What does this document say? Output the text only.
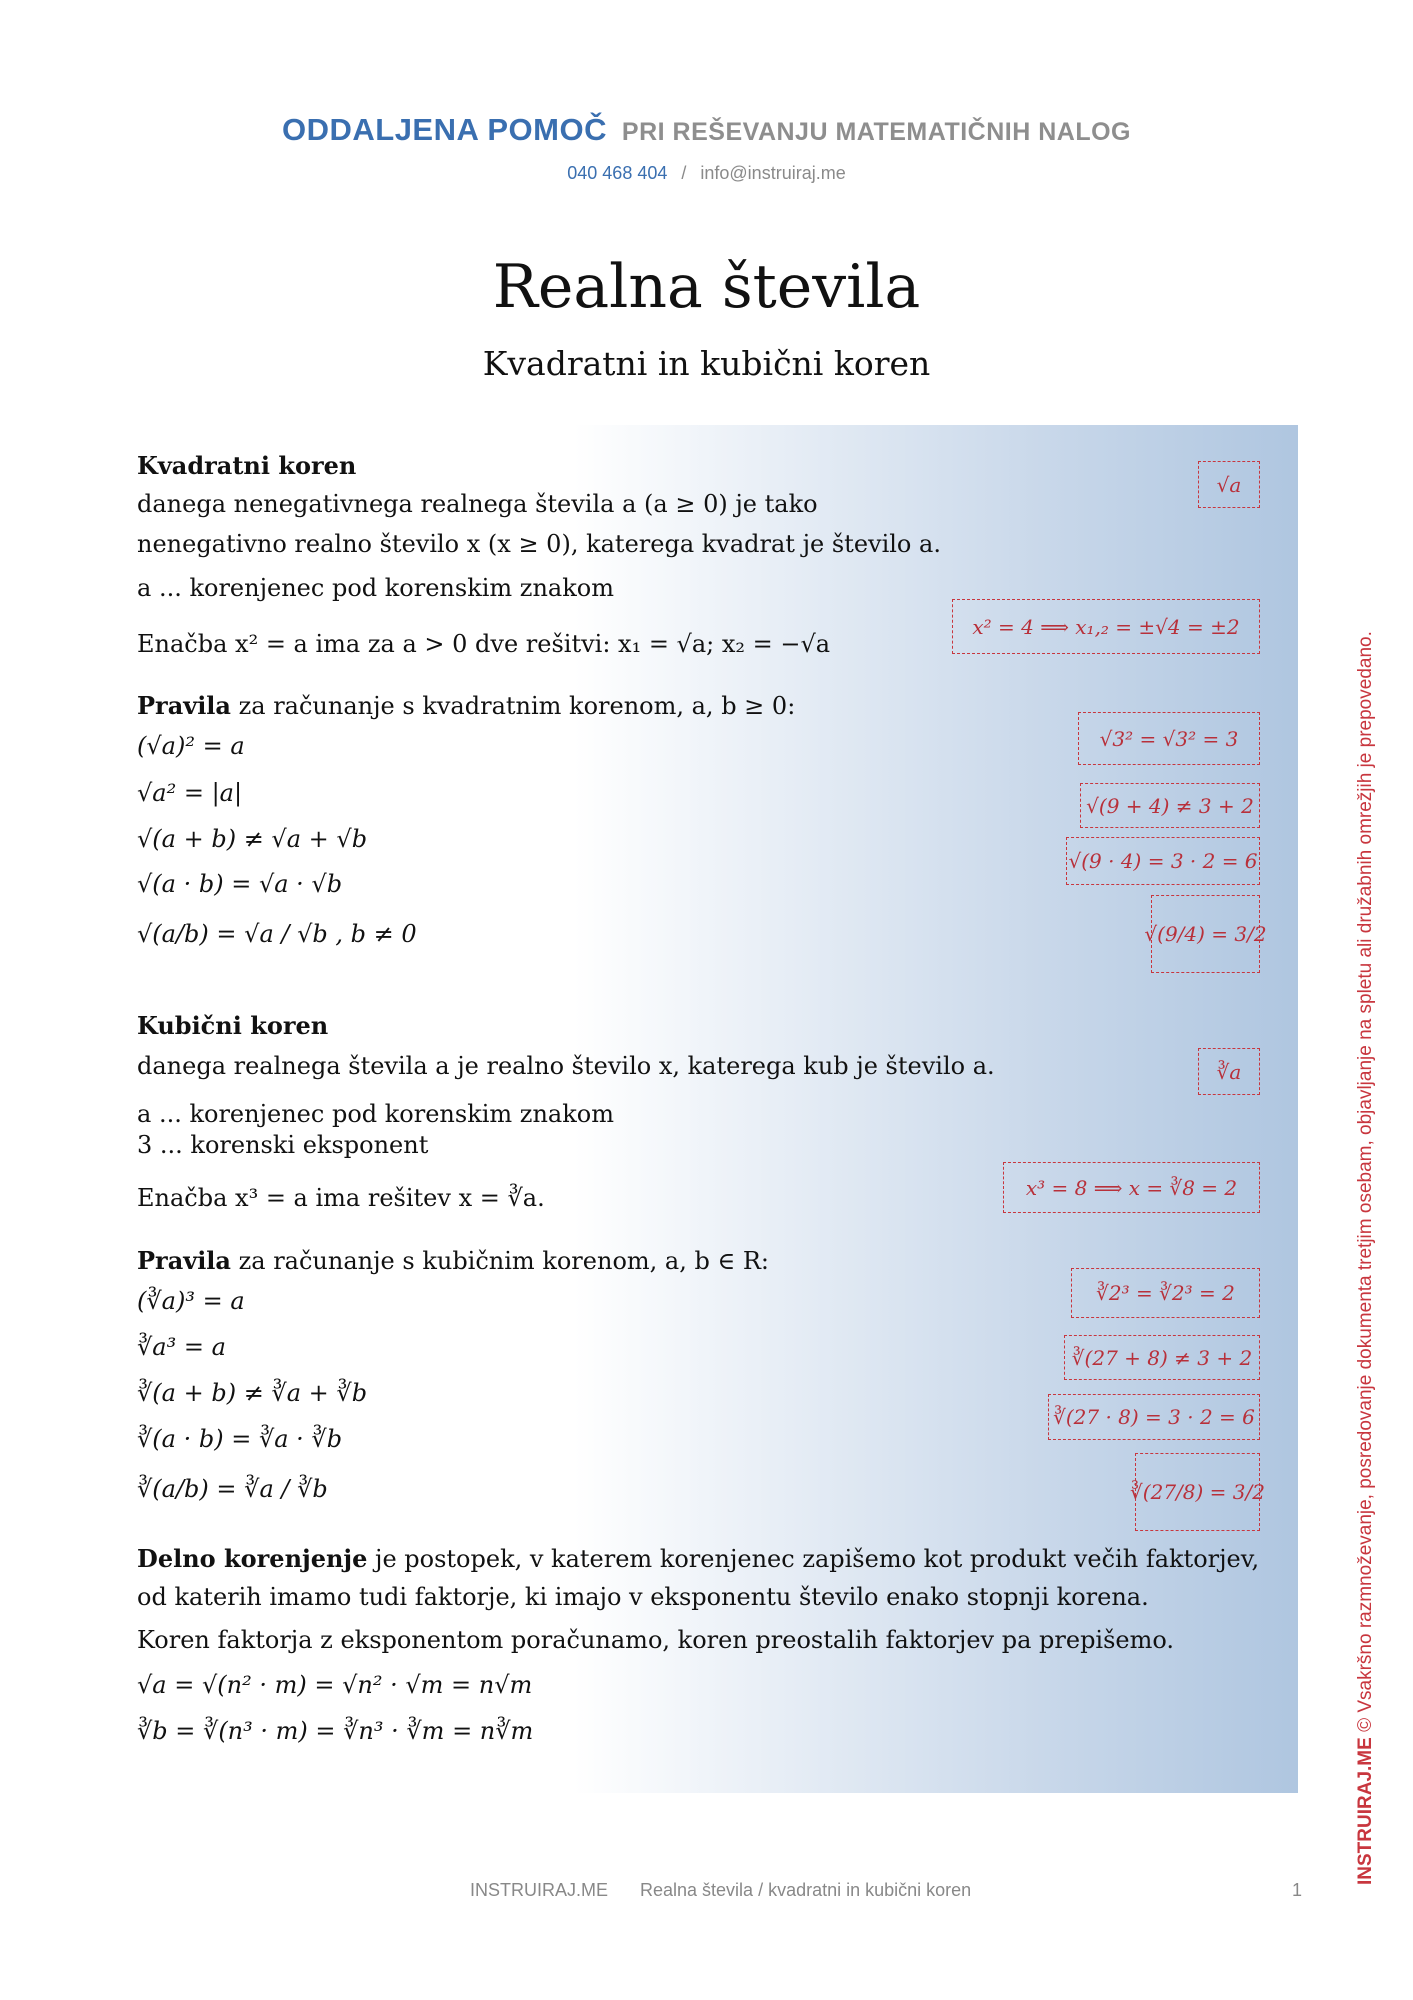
ODDALJENA POMOČ PRI REŠEVANJU MATEMATIČNIH NALOG
040 468 404 / info@instruiraj.me
Realna števila
Kvadratni in kubični koren
Kvadratni koren
danega nenegativnega realnega števila a (a ≥ 0) je tako
nenegativno realno število x (x ≥ 0), katerega kvadrat je število a.
a ... korenjenec pod korenskim znakom
Enačba x² = a ima za a > 0 dve rešitvi: x₁ = √a; x₂ = −√a
Pravila za računanje s kvadratnim korenom, a, b ≥ 0:
(√a)² = a
√a² = |a|
√(a + b) ≠ √a + √b
√(a · b) = √a · √b
√(a/b) = √a / √b , b ≠ 0
√a
x² = 4 ⟹ x₁,₂ = ±√4 = ±2
√3² = √3² = 3
√(9 + 4) ≠ 3 + 2
√(9 · 4) = 3 · 2 = 6
√(9/4) = 3/2
Kubični koren
danega realnega števila a je realno število x, katerega kub je število a.
a ... korenjenec pod korenskim znakom
3 ... korenski eksponent
Enačba x³ = a ima rešitev x = ∛a.
Pravila za računanje s kubičnim korenom, a, b ∈ R:
(∛a)³ = a
∛a³ = a
∛(a + b) ≠ ∛a + ∛b
∛(a · b) = ∛a · ∛b
∛(a/b) = ∛a / ∛b
∛a
x³ = 8 ⟹ x = ∛8 = 2
∛2³ = ∛2³ = 2
∛(27 + 8) ≠ 3 + 2
∛(27 · 8) = 3 · 2 = 6
∛(27/8) = 3/2
Delno korenjenje je postopek, v katerem korenjenec zapišemo kot produkt večih faktorjev,
od katerih imamo tudi faktorje, ki imajo v eksponentu število enako stopnji korena.
Koren faktorja z eksponentom poračunamo, koren preostalih faktorjev pa prepišemo.
√a = √(n² · m) = √n² · √m = n√m
∛b = ∛(n³ · m) = ∛n³ · ∛m = n∛m
INSTRUIRAJ.ME © Vsakršno razmnoževanje, posredovanje dokumenta tretjim osebam, objavljanje na spletu ali družabnih omrežjih je prepovedano.
INSTRUIRAJ.ME Realna števila / kvadratni in kubični koren	1
